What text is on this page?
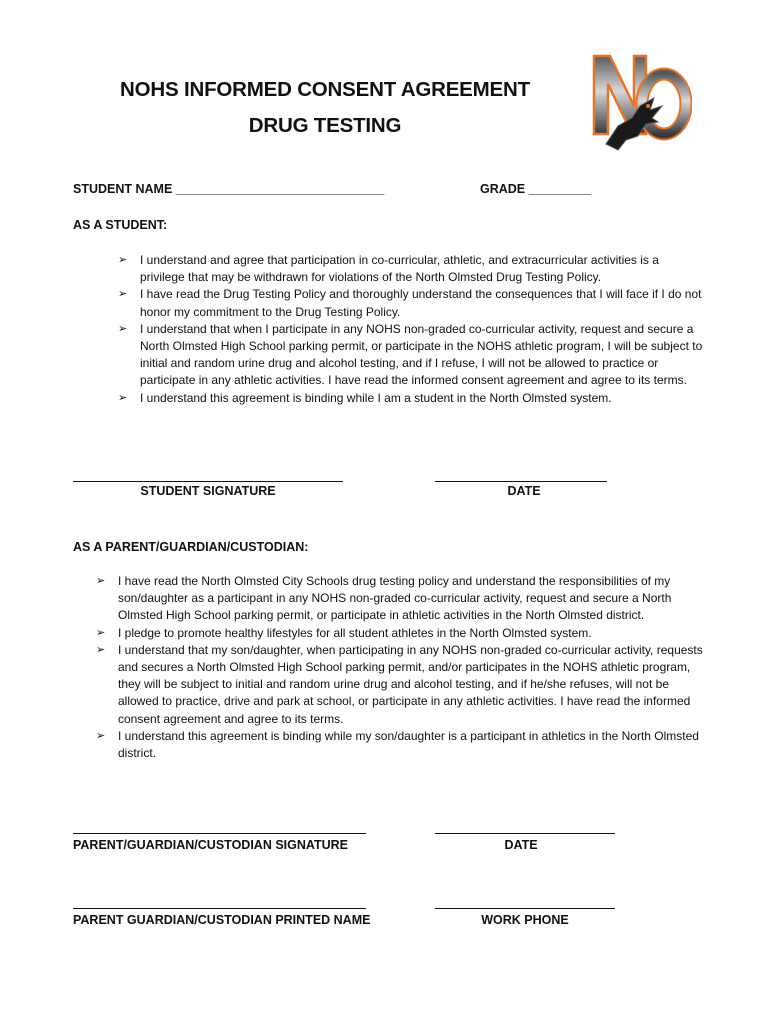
NOHS INFORMED CONSENT AGREEMENT
DRUG TESTING
STUDENT NAME ______________________________	GRADE _________
AS A STUDENT:
➢ I understand and agree that participation in co-curricular, athletic, and extracurricular activities is a privilege that may be withdrawn for violations of the North Olmsted Drug Testing Policy.
➢ I have read the Drug Testing Policy and thoroughly understand the consequences that I will face if I do not honor my commitment to the Drug Testing Policy.
➢ I understand that when I participate in any NOHS non-graded co-curricular activity, request and secure a North Olmsted High School parking permit, or participate in the NOHS athletic program, I will be subject to initial and random urine drug and alcohol testing, and if I refuse, I will not be allowed to practice or participate in any athletic activities. I have read the informed consent agreement and agree to its terms.
➢ I understand this agreement is binding while I am a student in the North Olmsted system.
STUDENT SIGNATURE	DATE
AS A PARENT/GUARDIAN/CUSTODIAN:
➢ I have read the North Olmsted City Schools drug testing policy and understand the responsibilities of my son/daughter as a participant in any NOHS non-graded co-curricular activity, request and secure a North Olmsted High School parking permit, or participate in athletic activities in the North Olmsted district.
➢ I pledge to promote healthy lifestyles for all student athletes in the North Olmsted system.
➢ I understand that my son/daughter, when participating in any NOHS non-graded co-curricular activity, requests and secures a North Olmsted High School parking permit, and/or participates in the NOHS athletic program, they will be subject to initial and random urine drug and alcohol testing, and if he/she refuses, will not be allowed to practice, drive and park at school, or participate in any athletic activities. I have read the informed consent agreement and agree to its terms.
➢ I understand this agreement is binding while my son/daughter is a participant in athletics in the North Olmsted district.
PARENT/GUARDIAN/CUSTODIAN SIGNATURE	DATE
PARENT GUARDIAN/CUSTODIAN PRINTED NAME	WORK PHONE
